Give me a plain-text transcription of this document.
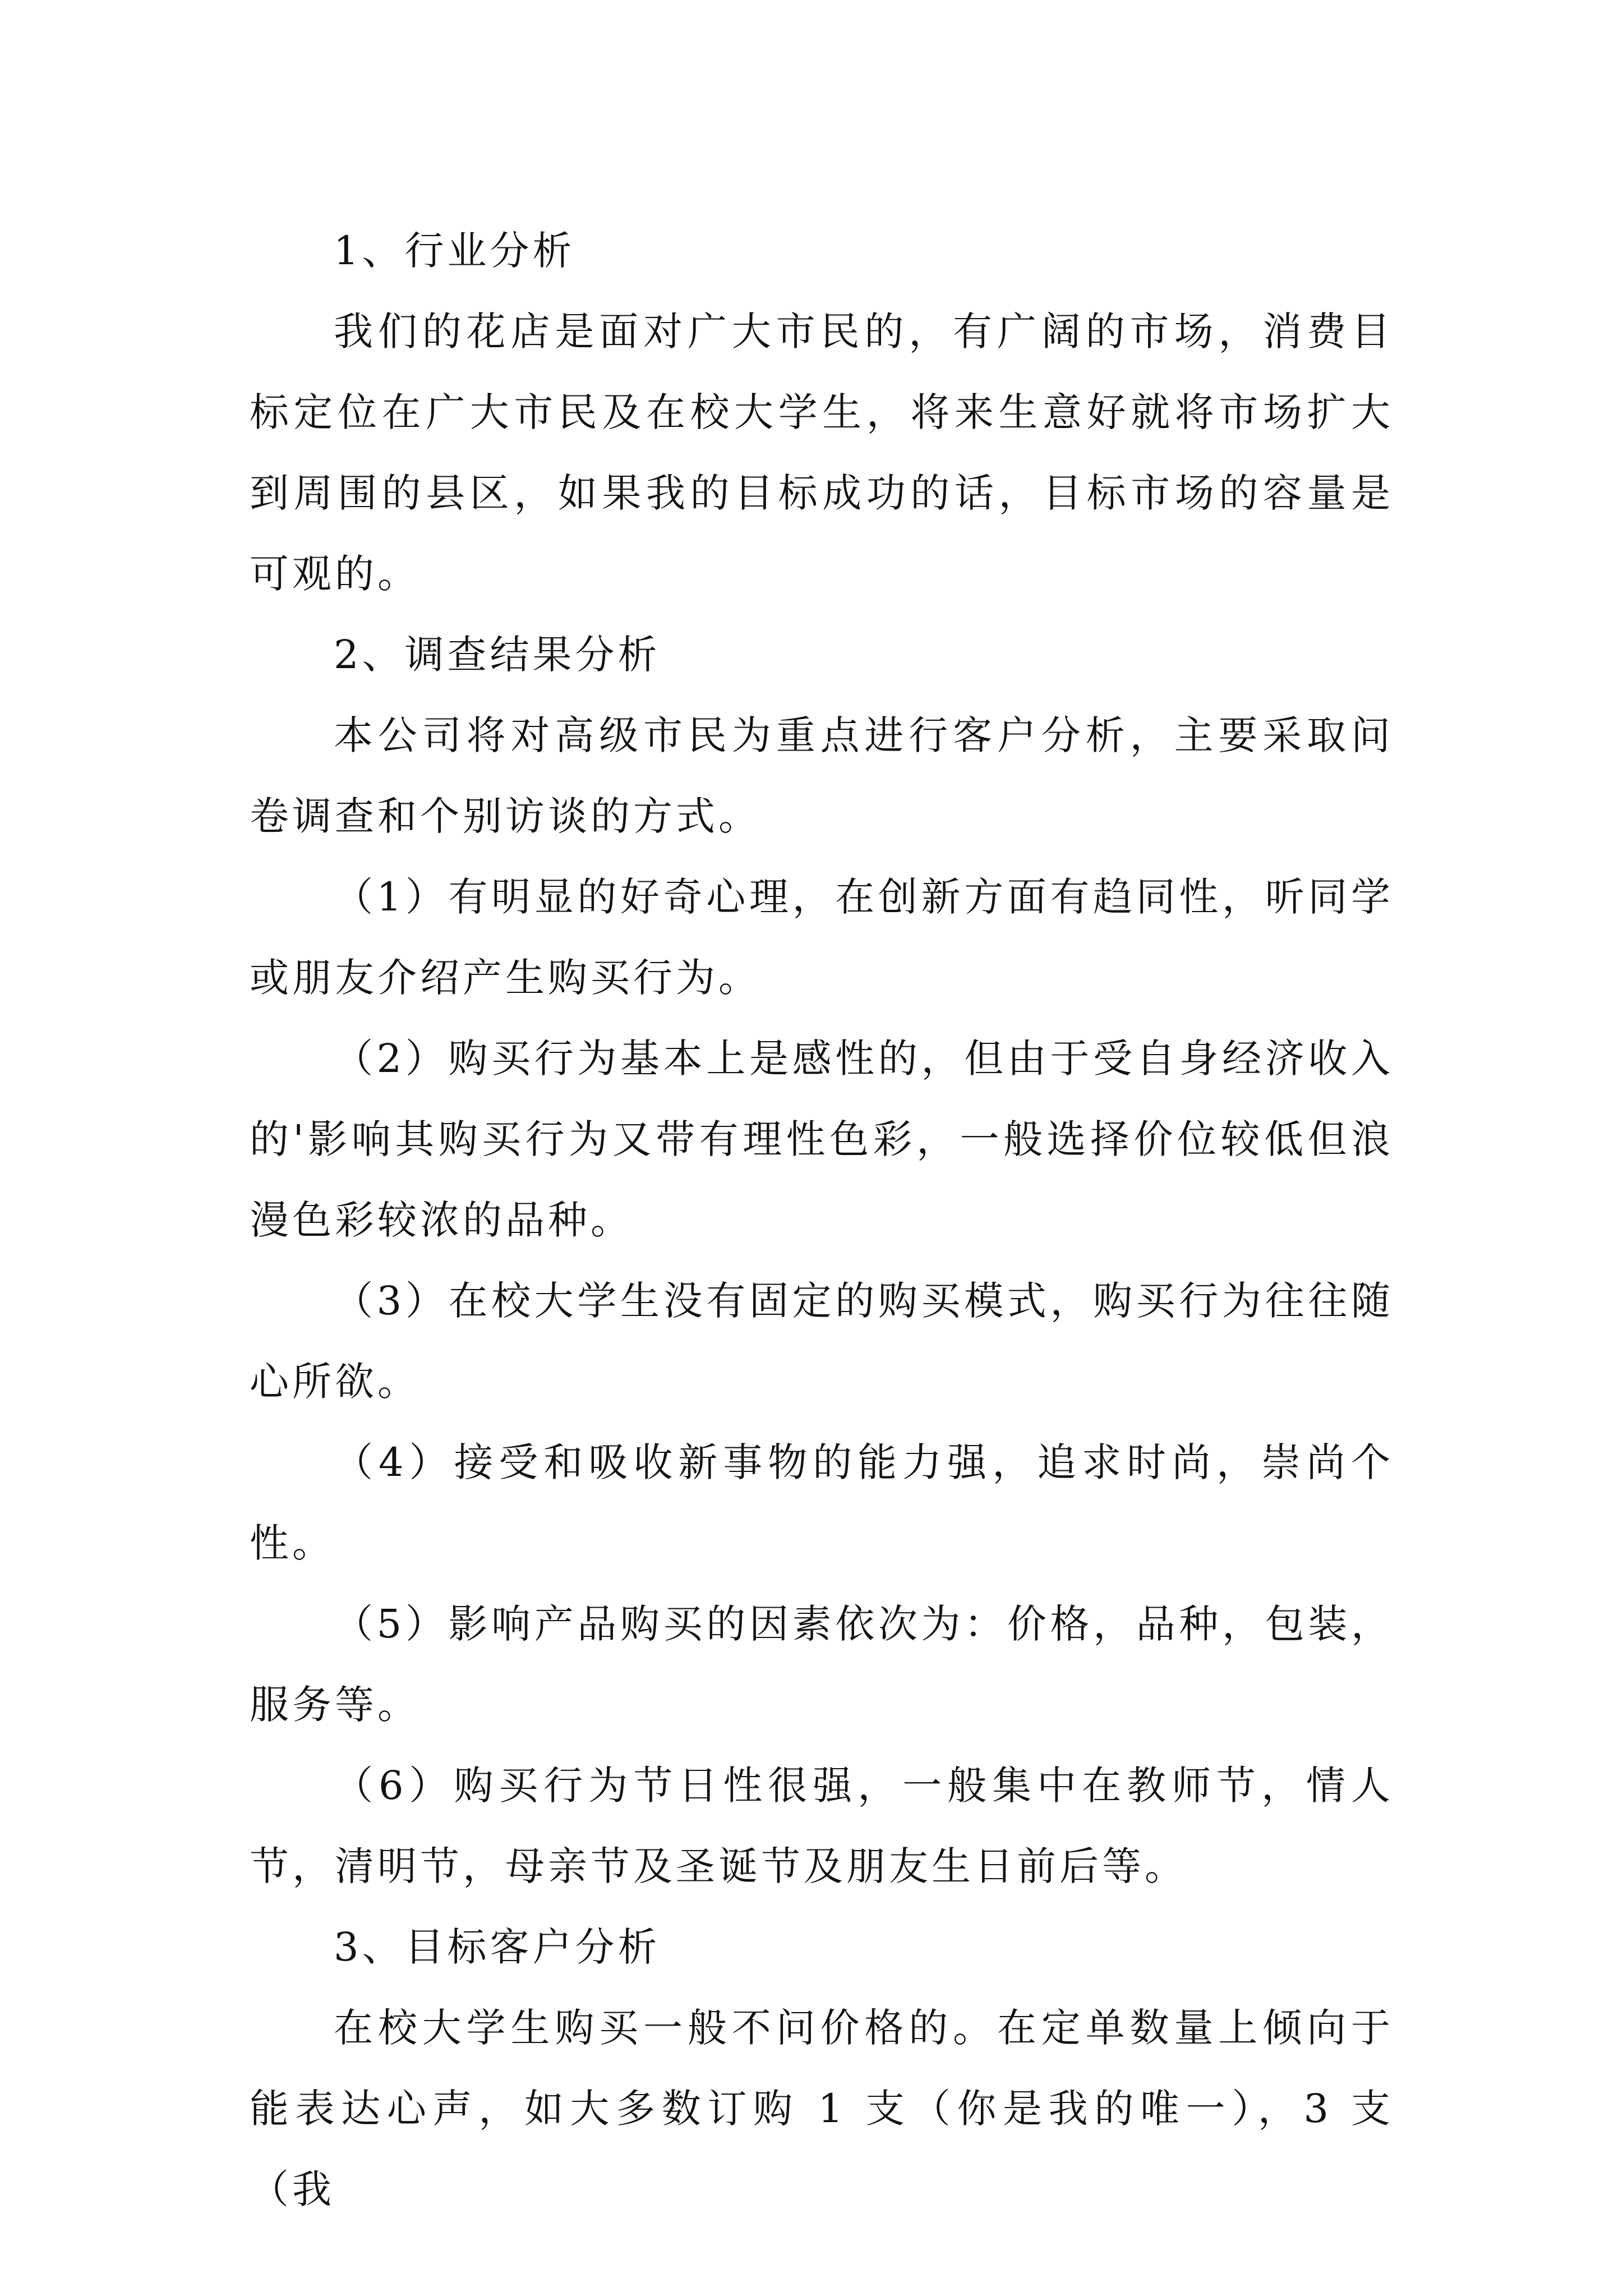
1、行业分析

我们的花店是面对广大市民的，有广阔的市场，消费目标定位在广大市民及在校大学生，将来生意好就将市场扩大到周围的县区，如果我的目标成功的话，目标市场的容量是可观的。

2、调查结果分析

本公司将对高级市民为重点进行客户分析，主要采取问卷调查和个别访谈的方式。

（1）有明显的好奇心理，在创新方面有趋同性，听同学或朋友介绍产生购买行为。

（2）购买行为基本上是感性的，但由于受自身经济收入的'影响其购买行为又带有理性色彩，一般选择价位较低但浪漫色彩较浓的品种。

（3）在校大学生没有固定的购买模式，购买行为往往随心所欲。

（4）接受和吸收新事物的能力强，追求时尚，崇尚个性。

（5）影响产品购买的因素依次为：价格，品种，包装，服务等。

（6）购买行为节日性很强，一般集中在教师节，情人节，清明节，母亲节及圣诞节及朋友生日前后等。

3、目标客户分析

在校大学生购买一般不问价格的。在定单数量上倾向于能表达心声，如大多数订购 1 支（你是我的唯一），3 支（我
